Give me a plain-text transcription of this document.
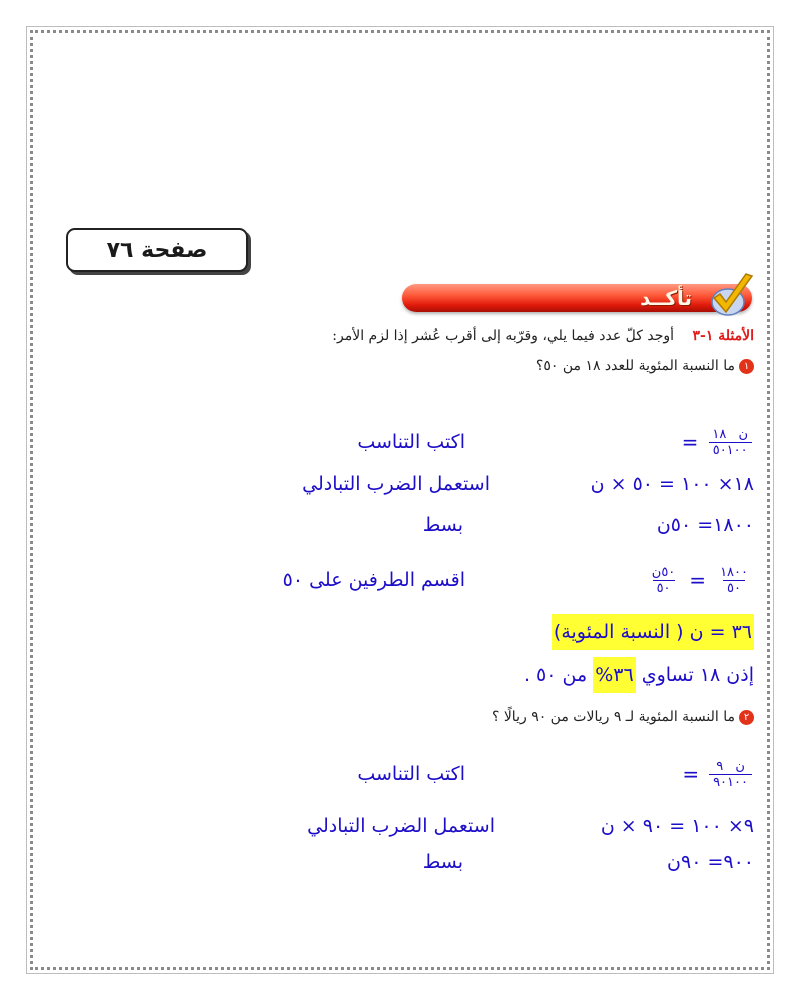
صفحة ٧٦
تأكــد
الأمثلة ١-٣ أوجد كلّ عدد فيما يلي، وقرّبه إلى أقرب عُشر إذا لزم الأمر:
١
ما النسبة المئوية للعدد ١٨ من ٥٠؟
$\frac{\text{ن ١٨}}{٥٠١٠٠}$
=
اكتب التناسب
١٨× ١٠٠ = ٥٠ × ن
استعمل الضرب التبادلي
١٨٠٠= ٥٠ن
بسط
$\frac{١٨٠٠}{٥٠}$
=
$\frac{\text{٥٠ن}}{٥٠}$
اقسم الطرفين على ٥٠
٣٦ = ن ( النسبة المئوية)
إذن ١٨ تساوي

٣٦%

من ٥٠ .
٢
ما النسبة المئوية لـ ٩ ريالات من ٩٠ ريالًا ؟
$\frac{\text{ن ٩}}{٩٠١٠٠}$
=
اكتب التناسب
٩× ١٠٠ = ٩٠ × ن
استعمل الضرب التبادلي
٩٠٠= ٩٠ن
بسط
